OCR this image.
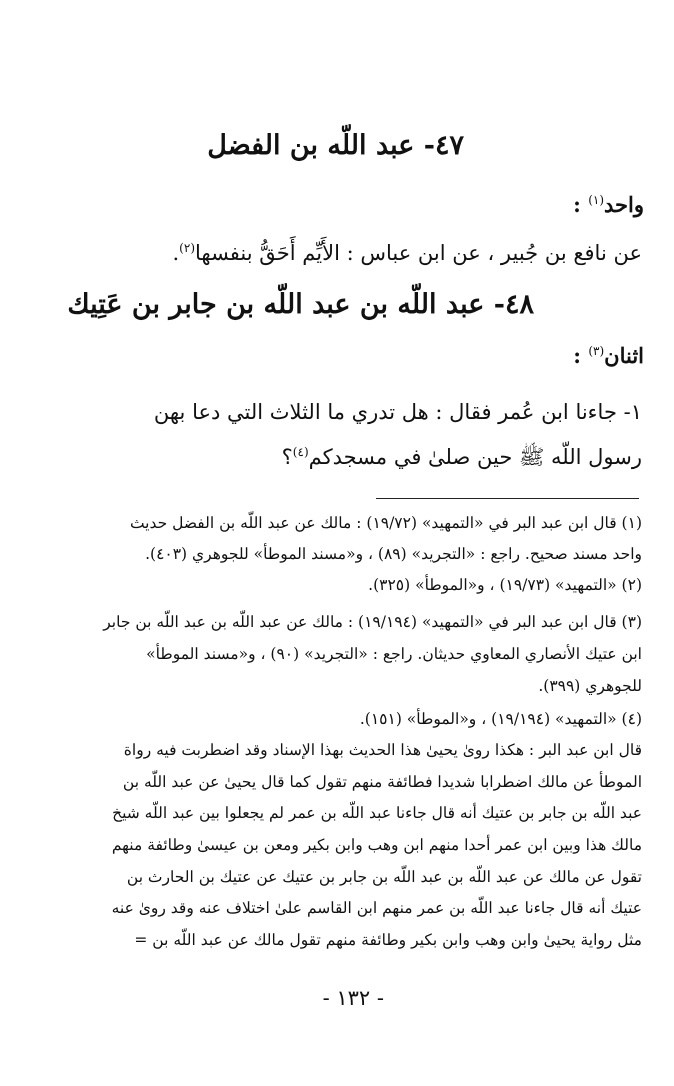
٤٧- عبد اللّه بن الفضل
واحد$^{(١)}$ :
عن نافع بن جُبير ، عن ابن عباس : الأَيِّم أَحَقُّ بنفسها$^{(٢)}$.
٤٨- عبد اللّه بن عبد اللّه بن جابر بن عَتِيك
اثنان$^{(٣)}$ :
١- جاءنا ابن عُمر فقال : هل تدري ما الثلاث التي دعا بهن
رسول اللّه ﷺ حين صلىٰ في مسجدكم$^{(٤)}$؟
(١) قال ابن عبد البر في «التمهيد» (١٩/٧٢) : مالك عن عبد اللّه بن الفضل حديث
واحد مسند صحيح. راجع : «التجريد» (٨٩) ، و«مسند الموطأ» للجوهري (٤٠٣).
(٢) «التمهيد» (١٩/٧٣) ، و«الموطأ» (٣٢٥).
(٣) قال ابن عبد البر في «التمهيد» (١٩/١٩٤) : مالك عن عبد اللّه بن عبد اللّه بن جابر
ابن عتيك الأنصاري المعاوي حديثان. راجع : «التجريد» (٩٠) ، و«مسند الموطأ»
للجوهري (٣٩٩).
(٤) «التمهيد» (١٩/١٩٤) ، و«الموطأ» (١٥١).
قال ابن عبد البر : هكذا روىٰ يحيىٰ هذا الحديث بهذا الإسناد وقد اضطربت فيه رواة
الموطأ عن مالك اضطرابا شديدا فطائفة منهم تقول كما قال يحيىٰ عن عبد اللّه بن
عبد اللّه بن جابر بن عتيك أنه قال جاءنا عبد اللّه بن عمر لم يجعلوا بين عبد اللّه شيخ
مالك هذا وبين ابن عمر أحدا منهم ابن وهب وابن بكير ومعن بن عيسىٰ وطائفة منهم
تقول عن مالك عن عبد اللّه بن عبد اللّه بن جابر بن عتيك عن عتيك بن الحارث بن
عتيك أنه قال جاءنا عبد اللّه بن عمر منهم ابن القاسم علىٰ اختلاف عنه وقد روىٰ عنه
مثل رواية يحيىٰ وابن وهب وابن بكير وطائفة منهم تقول مالك عن عبد اللّه بن =
- ١٣٢ -
